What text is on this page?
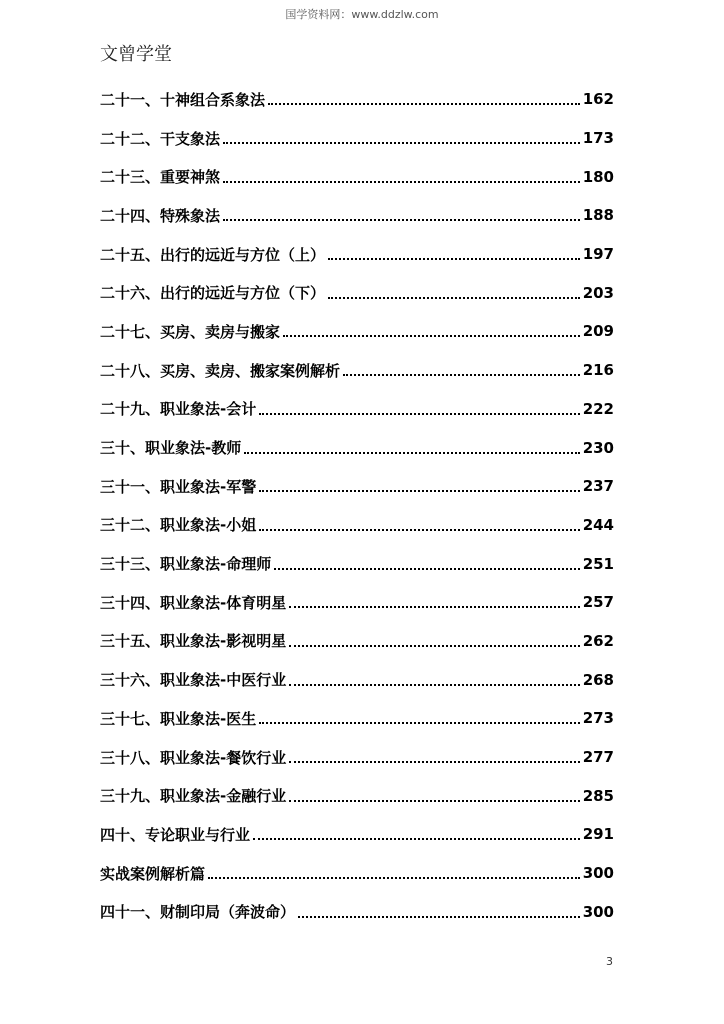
国学资料网：www.ddzlw.com
文曾学堂
二十一、十神组合系象法	162
二十二、干支象法	173
二十三、重要神煞	180
二十四、特殊象法	188
二十五、出行的远近与方位（上）	197
二十六、出行的远近与方位（下）	203
二十七、买房、卖房与搬家	209
二十八、买房、卖房、搬家案例解析	216
二十九、职业象法-会计	222
三十、职业象法-教师	230
三十一、职业象法-军警	237
三十二、职业象法-小姐	244
三十三、职业象法-命理师	251
三十四、职业象法-体育明星	257
三十五、职业象法-影视明星	262
三十六、职业象法-中医行业	268
三十七、职业象法-医生	273
三十八、职业象法-餐饮行业	277
三十九、职业象法-金融行业	285
四十、专论职业与行业	291
实战案例解析篇	300
四十一、财制印局（奔波命）	300
3
